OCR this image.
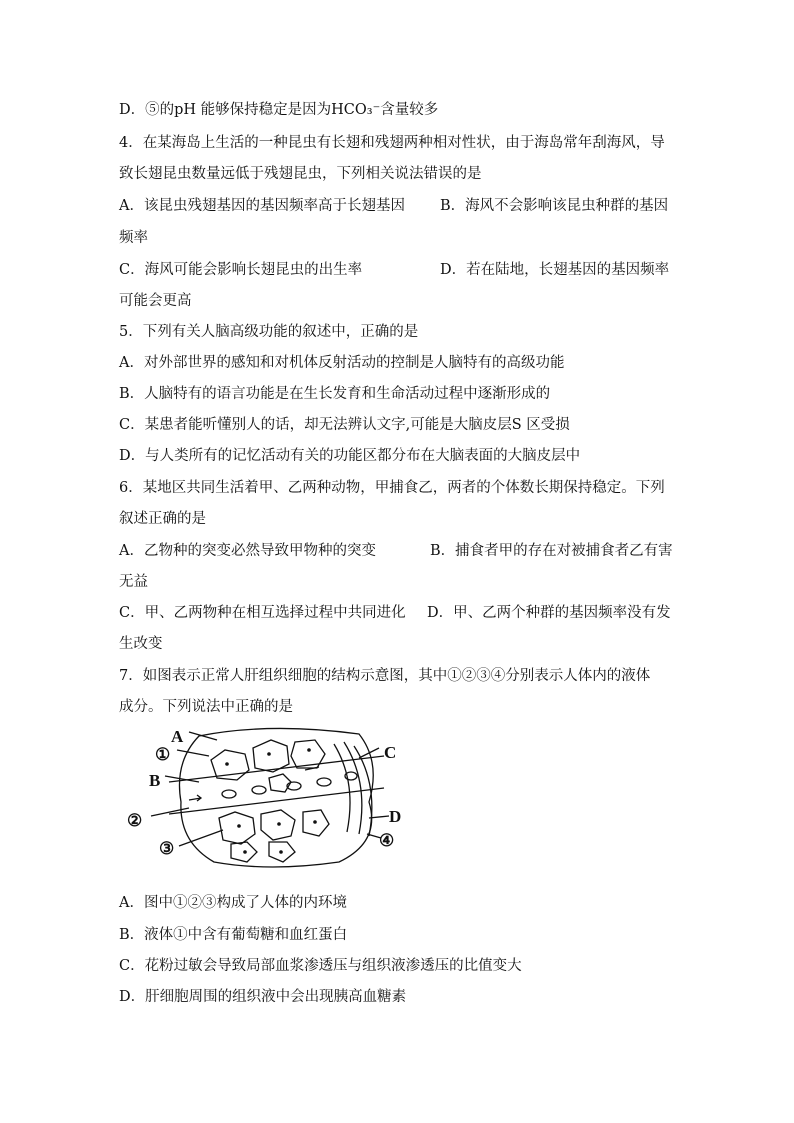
D．⑤的pH 能够保持稳定是因为HCO₃⁻含量较多
4．在某海岛上生活的一种昆虫有长翅和残翅两种相对性状，由于海岛常年刮海风，导
致长翅昆虫数量远低于残翅昆虫，下列相关说法错误的是
A．该昆虫残翅基因的基因频率高于长翅基因 B．海风不会影响该昆虫种群的基因
频率
C．海风可能会影响长翅昆虫的出生率	D．若在陆地，长翅基因的基因频率
可能会更高
5．下列有关人脑高级功能的叙述中，正确的是
A．对外部世界的感知和对机体反射活动的控制是人脑特有的高级功能
B．人脑特有的语言功能是在生长发育和生命活动过程中逐渐形成的
C．某患者能听懂别人的话，却无法辨认文字,可能是大脑皮层S 区受损
D．与人类所有的记忆活动有关的功能区都分布在大脑表面的大脑皮层中
6．某地区共同生活着甲、乙两种动物，甲捕食乙，两者的个体数长期保持稳定。下列
叙述正确的是
A．乙物种的突变必然导致甲物种的突变	B．捕食者甲的存在对被捕食者乙有害
无益
C．甲、乙两物种在相互选择过程中共同进化 D．甲、乙两个种群的基因频率没有发
生改变
7．如图表示正常人肝组织细胞的结构示意图，其中①②③④分别表示人体内的液体
成分。下列说法中正确的是
A
①
B
②
③
C
D
④
A．图中①②③构成了人体的内环境
B．液体①中含有葡萄糖和血红蛋白
C．花粉过敏会导致局部血浆渗透压与组织液渗透压的比值变大
D．肝细胞周围的组织液中会出现胰高血糖素
